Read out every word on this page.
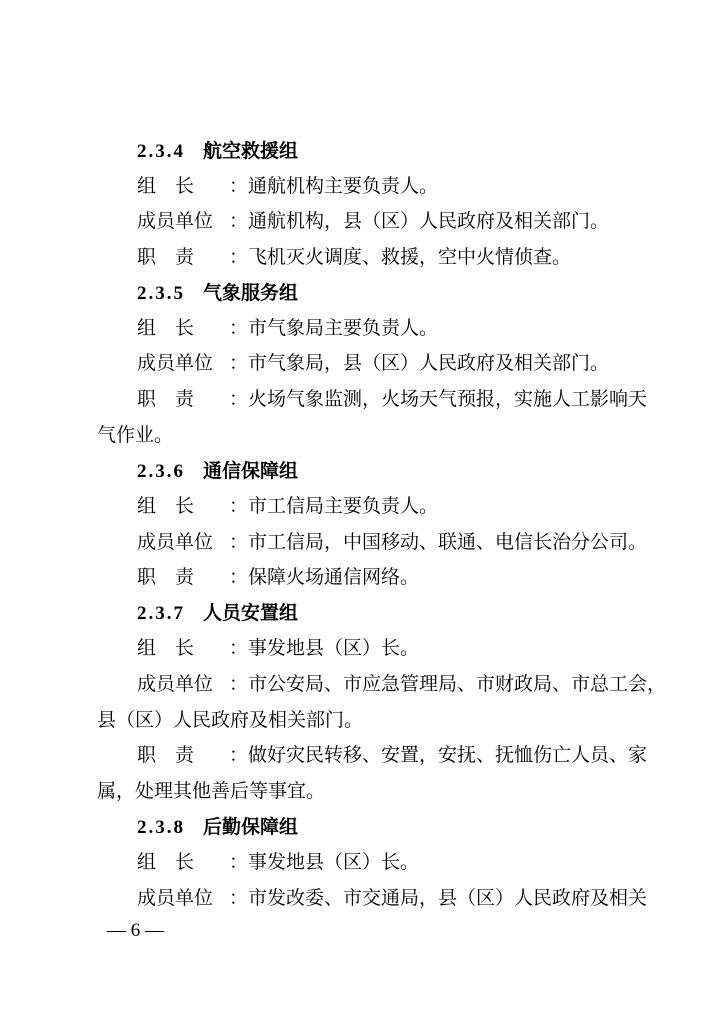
2.3.4 航空救援组
组　长 ：通航机构主要负责人。
成员单位 ：通航机构，县（区）人民政府及相关部门。
职　责 ：飞机灭火调度、救援，空中火情侦查。
2.3.5 气象服务组
组　长 ：市气象局主要负责人。
成员单位 ：市气象局，县（区）人民政府及相关部门。
职　责 ：火场气象监测，火场天气预报，实施人工影响天
气作业。
2.3.6 通信保障组
组　长 ：市工信局主要负责人。
成员单位 ：市工信局，中国移动、联通、电信长治分公司。
职　责 ：保障火场通信网络。
2.3.7 人员安置组
组　长 ：事发地县（区）长。
成员单位 ：市公安局、市应急管理局、市财政局、市总工会，
县（区）人民政府及相关部门。
职　责 ：做好灾民转移、安置，安抚、抚恤伤亡人员、家
属，处理其他善后等事宜。
2.3.8 后勤保障组
组　长 ：事发地县（区）长。
成员单位 ：市发改委、市交通局，县（区）人民政府及相关
— 6 —
